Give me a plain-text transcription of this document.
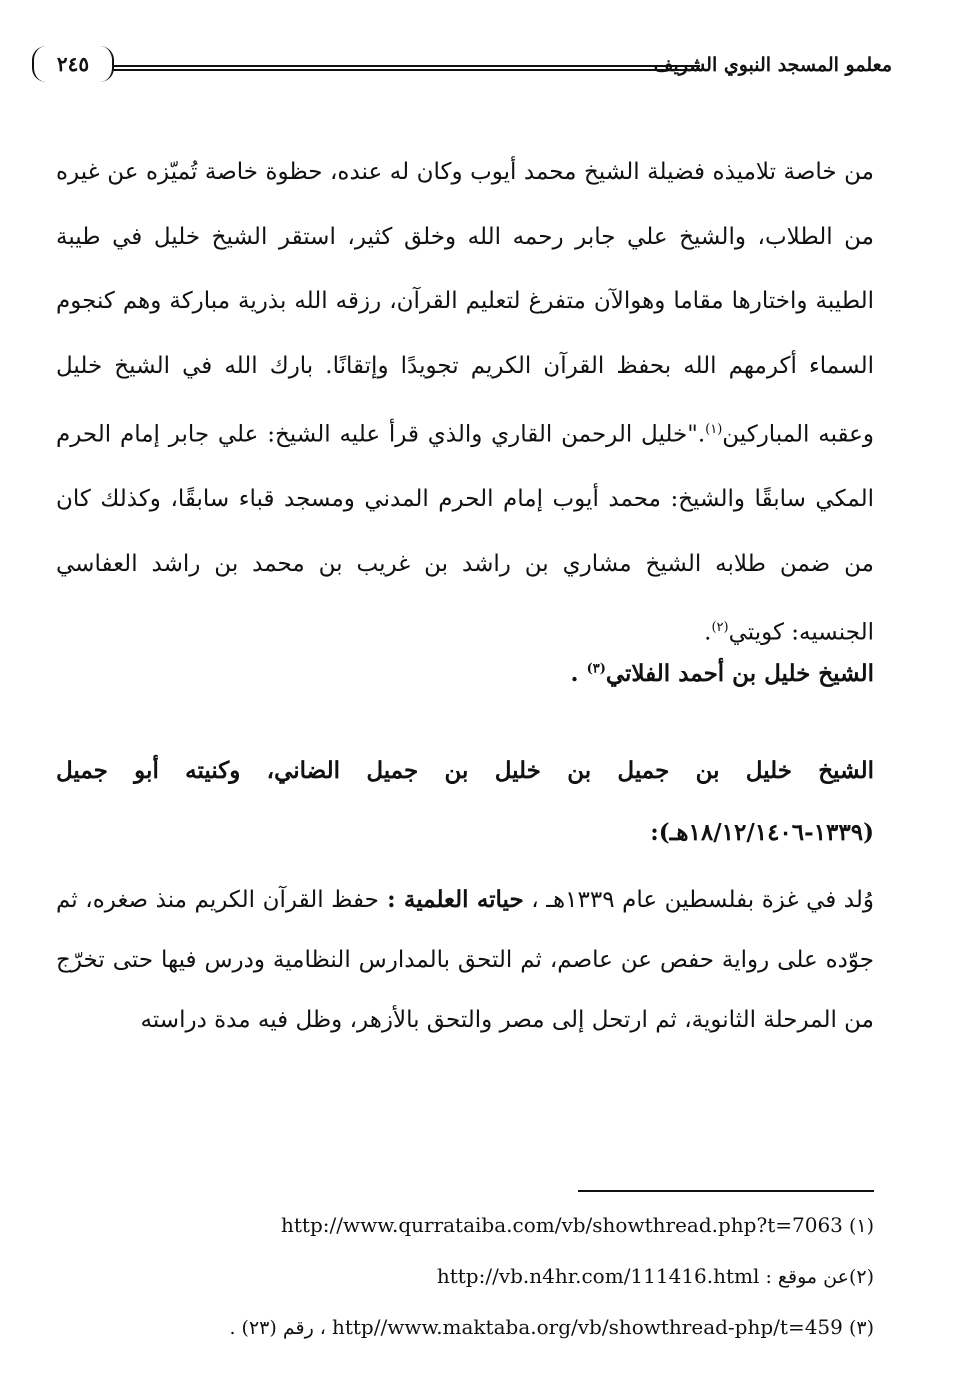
معلمو المسجد النبوي الشريف
٢٤٥
من خاصة تلاميذه فضيلة الشيخ محمد أيوب وكان له عنده، حظوة خاصة تُميّزه عن غيره من الطلاب، والشيخ علي جابر رحمه الله وخلق كثير، استقر الشيخ خليل في طيبة الطيبة واختارها مقاما وهوالآن متفرغ لتعليم القرآن، رزقه الله بذرية مباركة وهم كنجوم السماء أكرمهم الله بحفظ القرآن الكريم تجويدًا وإتقانًا. بارك الله في الشيخ خليل وعقبه المباركين$^{(١)}$."خليل الرحمن القاري والذي قرأ عليه الشيخ: علي جابر إمام الحرم المكي سابقًا والشيخ: محمد أيوب إمام الحرم المدني ومسجد قباء سابقًا، وكذلك كان من ضمن طلابه الشيخ مشاري بن راشد بن غريب بن محمد بن راشد العفاسي الجنسيه: كويتي$^{(٢)}$.
الشيخ خليل بن أحمد الفلاتي$^{(٣)}$ .
الشيخ خليل بن جميل بن خليل بن جميل الضاني، وكنيته أبو جميل (١٣٣٩-١٨/١٢/١٤٠٦هـ):
وُلد في غزة بفلسطين عام ١٣٣٩هـ ، حياته العلمية : حفظ القرآن الكريم منذ صغره، ثم جوّده على رواية حفص عن عاصم، ثم التحق بالمدارس النظامية ودرس فيها حتى تخرّج من المرحلة الثانوية، ثم ارتحل إلى مصر والتحق بالأزهر، وظل فيه مدة دراسته
(١) http://www.qurrataiba.com/vb/showthread.php?t=7063
(٢)عن موقع : http://vb.n4hr.com/111416.html
(٣) http//www.maktaba.org/vb/showthread-php/t=459 ، رقم (٢٣) .
